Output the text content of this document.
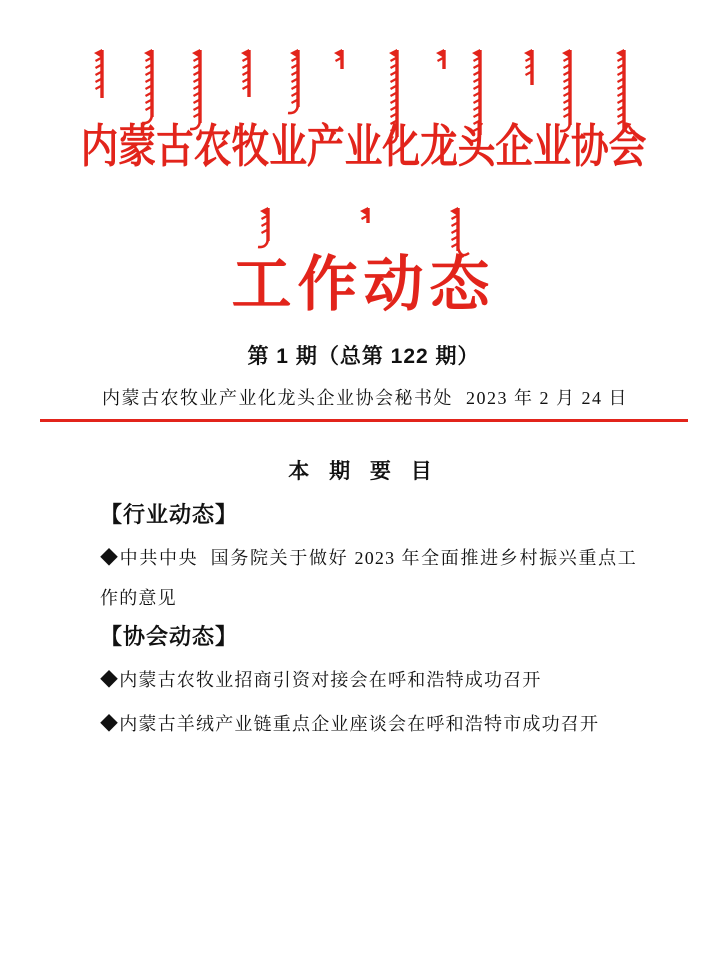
内蒙古农牧业产业化龙头企业协会
工作动态
第 1 期（总第 122 期）
内蒙古农牧业产业化龙头企业协会秘书处 2023 年 2 月 24 日
本 期 要 目
【行业动态】

◆中共中央  国务院关于做好 2023 年全面推进乡村振兴重点工作的意见

【协会动态】

◆内蒙古农牧业招商引资对接会在呼和浩特成功召开

◆内蒙古羊绒产业链重点企业座谈会在呼和浩特市成功召开
